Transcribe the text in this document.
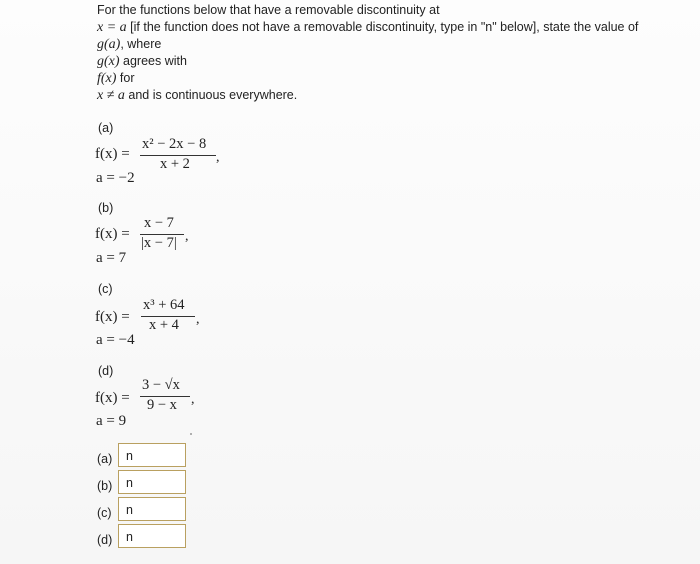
For the functions below that have a removable discontinuity at
x = a [if the function does not have a removable discontinuity, type in "n" below], state the value of
g(a), where
g(x) agrees with
f(x) for
x ≠ a and is continuous everywhere.
(a)
f(x) =
x² − 2x − 8
x + 2 ,
a = −2
(b)
f(x) =
x − 7
|x − 7| ,
a = 7
(c)
f(x) =
x³ + 64
x + 4 ,
a = −4
(d)
f(x) =
3 − √x
9 − x ,
a = 9
(a)	n
(b)	n
(c)	n
(d)	n
